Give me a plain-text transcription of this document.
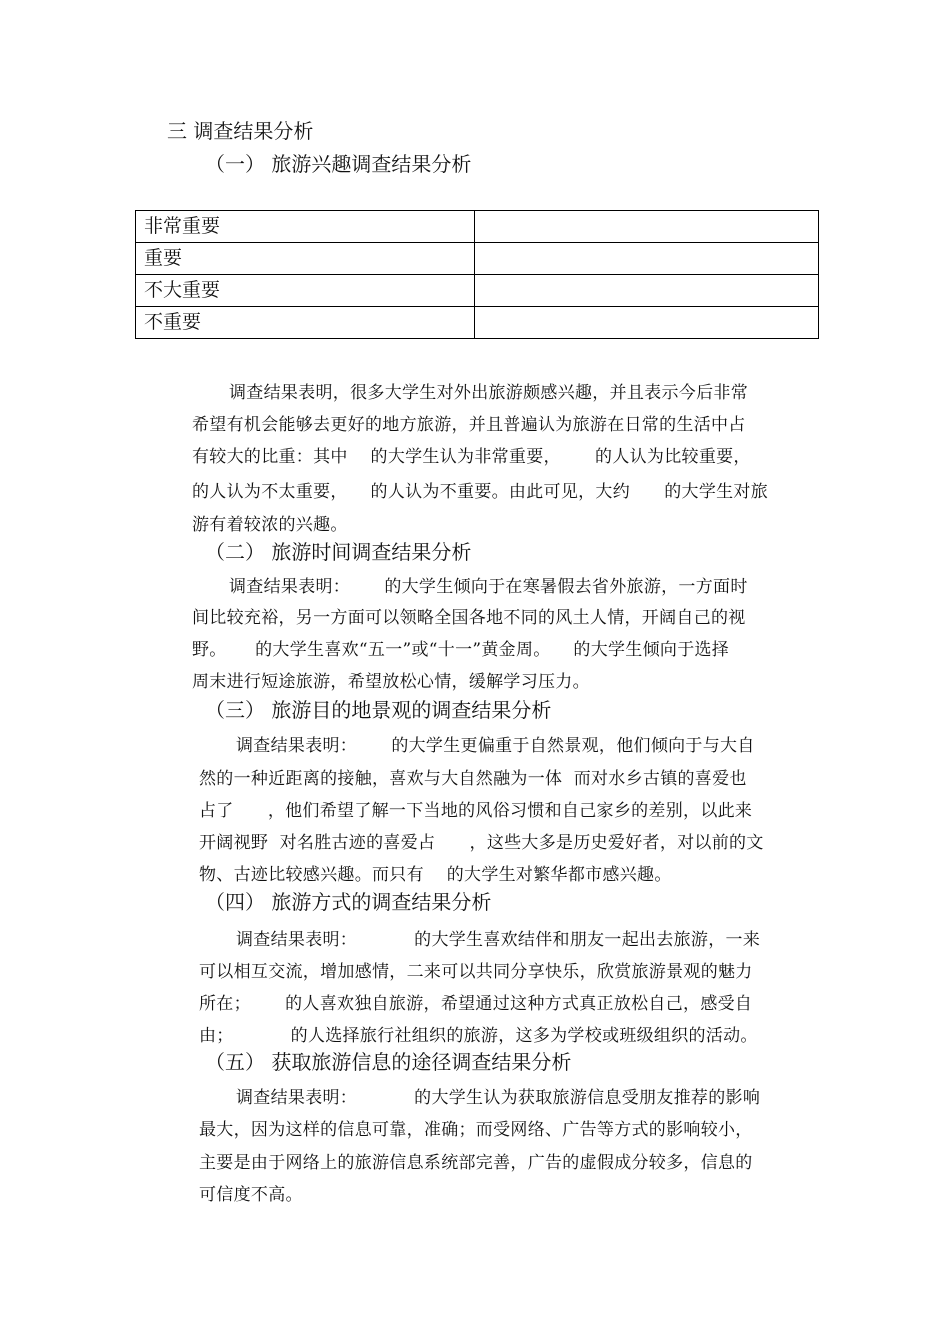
三 调查结果分析
（一） 旅游兴趣调查结果分析
非常重要	
重要	
不大重要	
不重要	
调查结果表明，很多大学生对外出旅游颇感兴趣，并且表示今后非常
希望有机会能够去更好的地方旅游，并且普遍认为旅游在日常的生活中占
有较大的比重：其中    的大学生认为非常重要，      的人认为比较重要，
的人认为不太重要，    的人认为不重要。由此可见，大约      的大学生对旅
游有着较浓的兴趣。
（二） 旅游时间调查结果分析
调查结果表明：      的大学生倾向于在寒暑假去省外旅游，一方面时
间比较充裕，另一方面可以领略全国各地不同的风土人情，开阔自己的视
野。     的大学生喜欢“五一”或“十一”黄金周。    的大学生倾向于选择
周末进行短途旅游，希望放松心情，缓解学习压力。
（三） 旅游目的地景观的调查结果分析
调查结果表明：      的大学生更偏重于自然景观，他们倾向于与大自
然的一种近距离的接触，喜欢与大自然融为一体  而对水乡古镇的喜爱也
占了      ，他们希望了解一下当地的风俗习惯和自己家乡的差别，以此来
开阔视野  对名胜古迹的喜爱占      ，这些大多是历史爱好者，对以前的文
物、古迹比较感兴趣。而只有    的大学生对繁华都市感兴趣。
（四） 旅游方式的调查结果分析
调查结果表明：          的大学生喜欢结伴和朋友一起出去旅游，一来
可以相互交流，增加感情，二来可以共同分享快乐，欣赏旅游景观的魅力
所在；      的人喜欢独自旅游，希望通过这种方式真正放松自己，感受自
由；          的人选择旅行社组织的旅游，这多为学校或班级组织的活动。
（五） 获取旅游信息的途径调查结果分析
调查结果表明：          的大学生认为获取旅游信息受朋友推荐的影响
最大，因为这样的信息可靠，准确；而受网络、广告等方式的影响较小，
主要是由于网络上的旅游信息系统部完善，广告的虚假成分较多，信息的
可信度不高。
